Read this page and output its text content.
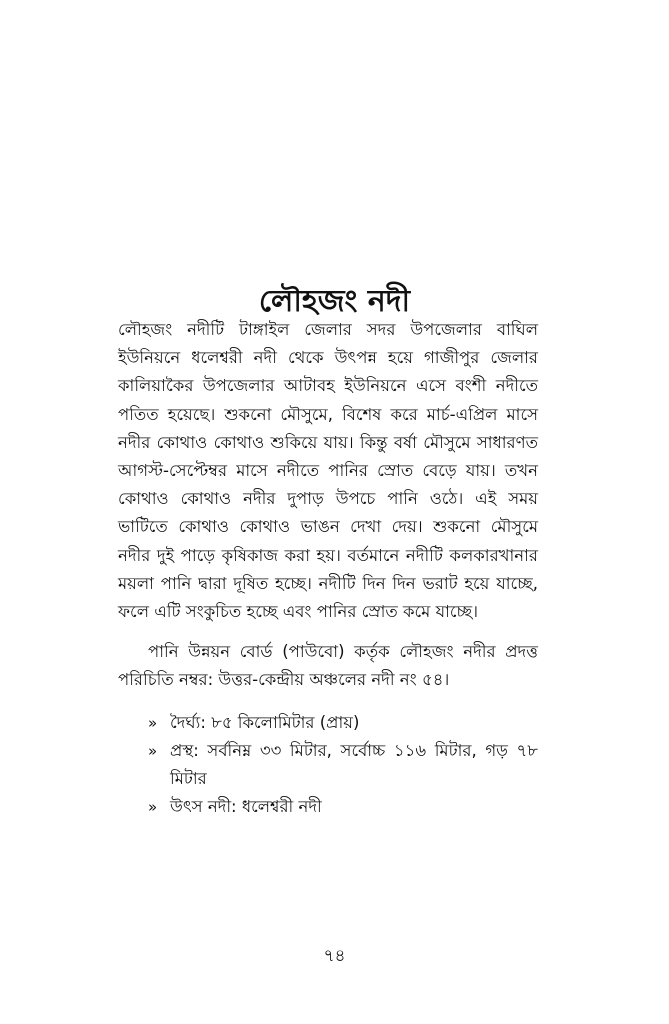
লৌহজং নদী

লৌহজং নদীটি টাঙ্গাইল জেলার সদর উপজেলার বাঘিল ইউনিয়নে ধলেশ্বরী নদী থেকে উৎপন্ন হয়ে গাজীপুর জেলার কালিয়াকৈর উপজেলার আটাবহ ইউনিয়নে এসে বংশী নদীতে পতিত হয়েছে। শুকনো মৌসুমে, বিশেষ করে মার্চ-এপ্রিল মাসে নদীর কোথাও কোথাও শুকিয়ে যায়। কিন্তু বর্ষা মৌসুমে সাধারণত আগস্ট-সেপ্টেম্বর মাসে নদীতে পানির স্রোত বেড়ে যায়। তখন কোথাও কোথাও নদীর দুপাড় উপচে পানি ওঠে। এই সময় ভাটিতে কোথাও কোথাও ভাঙন দেখা দেয়। শুকনো মৌসুমে নদীর দুই পাড়ে কৃষিকাজ করা হয়। বর্তমানে নদীটি কলকারখানার ময়লা পানি দ্বারা দূষিত হচ্ছে। নদীটি দিন দিন ভরাট হয়ে যাচ্ছে, ফলে এটি সংকুচিত হচ্ছে এবং পানির স্রোত কমে যাচ্ছে।

পানি উন্নয়ন বোর্ড (পাউবো) কর্তৃক লৌহজং নদীর প্রদত্ত পরিচিতি নম্বর: উত্তর-কেন্দ্রীয় অঞ্চলের নদী নং ৫৪।

» দৈর্ঘ্য: ৮৫ কিলোমিটার (প্রায়)
» প্রস্থ: সর্বনিম্ন ৩৩ মিটার, সর্বোচ্চ ১১৬ মিটার, গড় ৭৮ মিটার
» উৎস নদী: ধলেশ্বরী নদী
৭৪
